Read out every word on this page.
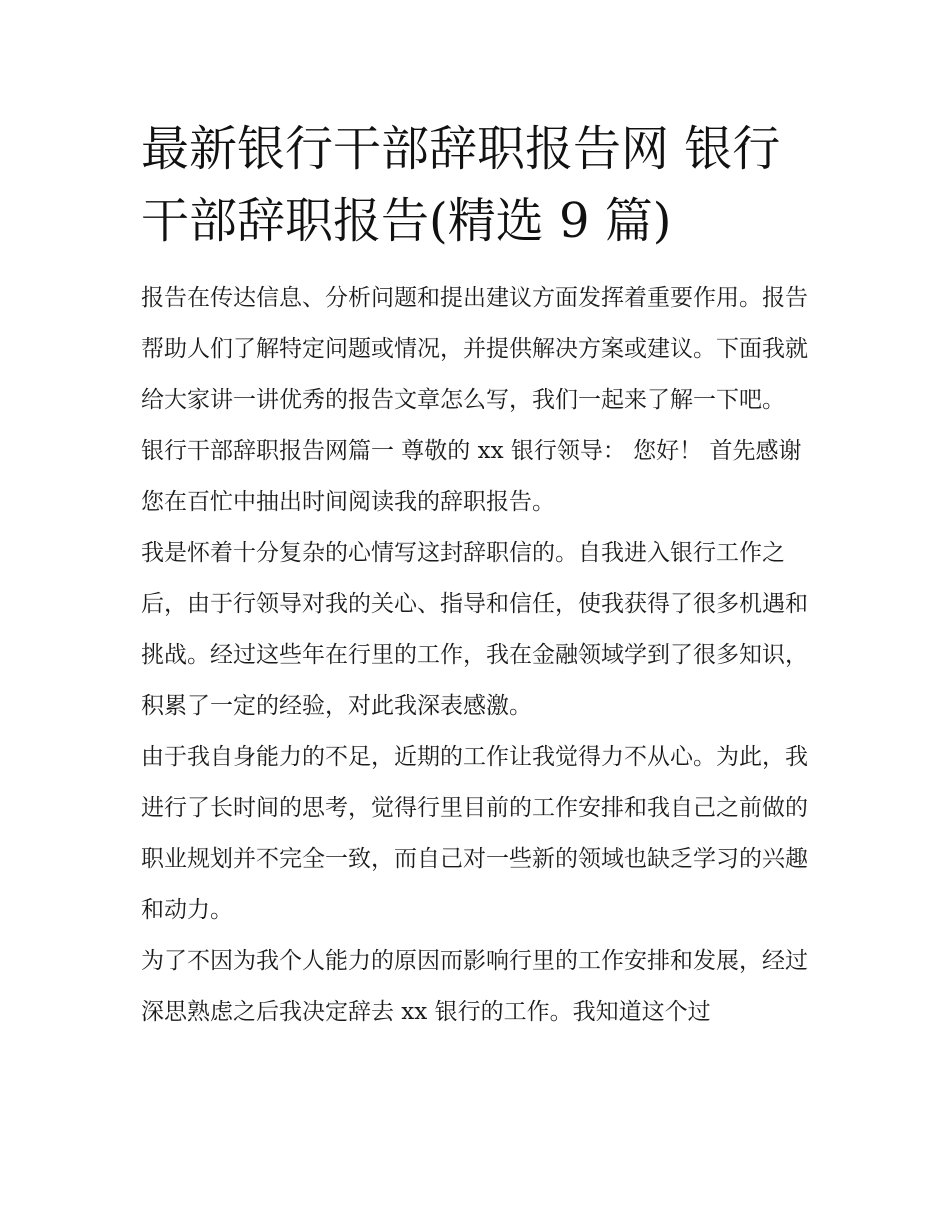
最新银行干部辞职报告网 银行干部辞职报告(精选 9 篇)

报告在传达信息、分析问题和提出建议方面发挥着重要作用。报告帮助人们了解特定问题或情况，并提供解决方案或建议。下面我就给大家讲一讲优秀的报告文章怎么写，我们一起来了解一下吧。

银行干部辞职报告网篇一 尊敬的 xx 银行领导： 您好！ 首先感谢您在百忙中抽出时间阅读我的辞职报告。

我是怀着十分复杂的心情写这封辞职信的。自我进入银行工作之后，由于行领导对我的关心、指导和信任，使我获得了很多机遇和挑战。经过这些年在行里的工作，我在金融领域学到了很多知识，积累了一定的经验，对此我深表感激。

由于我自身能力的不足，近期的工作让我觉得力不从心。为此，我进行了长时间的思考，觉得行里目前的工作安排和我自己之前做的职业规划并不完全一致，而自己对一些新的领域也缺乏学习的兴趣和动力。

为了不因为我个人能力的原因而影响行里的工作安排和发展，经过深思熟虑之后我决定辞去 xx 银行的工作。我知道这个过
